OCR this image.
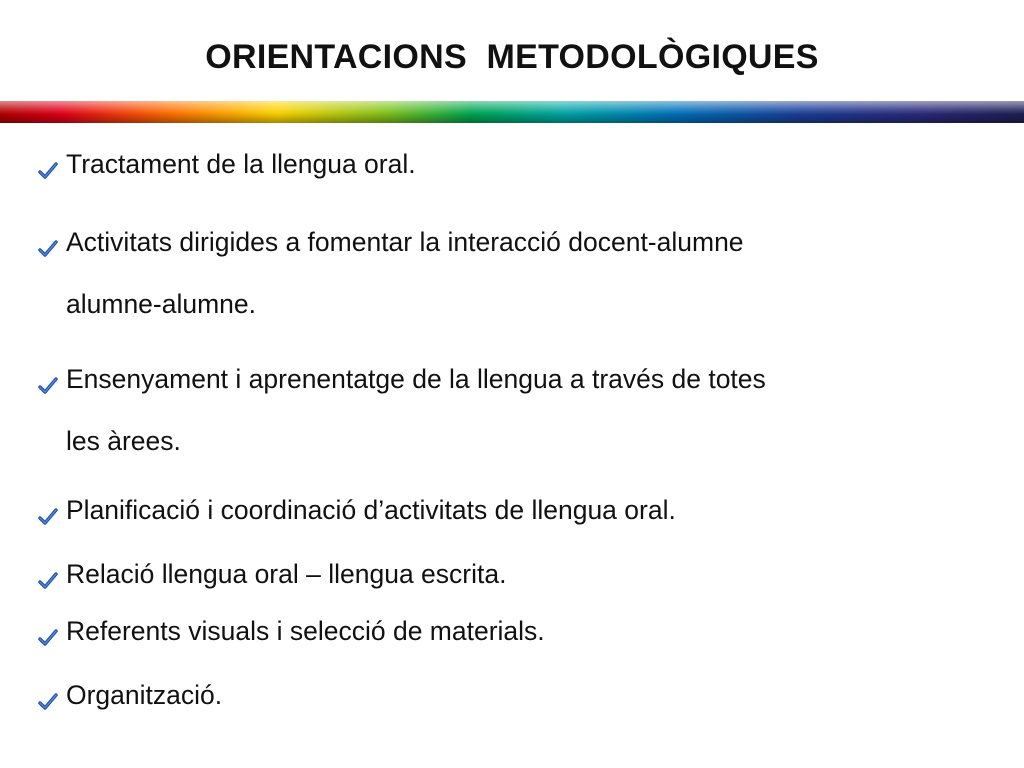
ORIENTACIONS  METODOLÒGIQUES
Tractament de la llengua oral.
Activitats dirigides a fomentar la interacció docent-alumne
alumne-alumne.
Ensenyament i aprenentatge de la llengua a través de totes
les àrees.
Planificació i coordinació d’activitats de llengua oral.
Relació llengua oral – llengua escrita.
Referents visuals i selecció de materials.
Organització.
